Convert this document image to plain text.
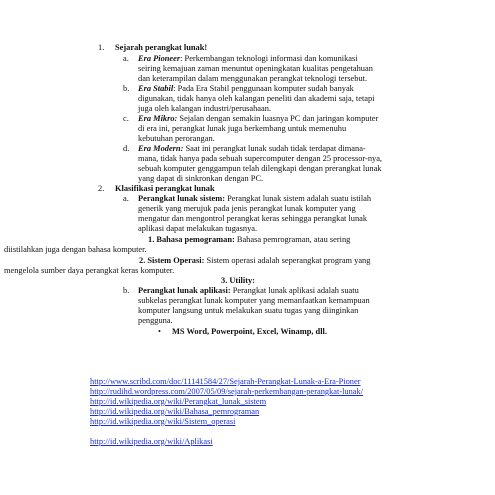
1. Sejarah perangkat lunak!
a. Era Pioneer: Perkembangan teknologi informasi dan komunikasi
seiring kemajuan zaman menuntut openingkatan kualitas pengetahuan
dan keterampilan dalam menggunakan perangkat teknologi tersebut.
b. Era Stabil: Pada Era Stabil penggunaan komputer sudah banyak
digunakan, tidak hanya oleh kalangan peneliti dan akademi saja, tetapi
juga oleh kalangan industri/perusahaan.
c. Era Mikro: Sejalan dengan semakin luasnya PC dan jaringan komputer
di era ini, perangkat lunak juga berkembang untuk memenuhu
kebutuhan perorangan.
d. Era Modern: Saat ini perangkat lunak sudah tidak terdapat dimana-
mana, tidak hanya pada sebuah supercomputer dengan 25 processor-nya,
sebuah komputer genggampun telah dilengkapi dengan prerangkat lunak
yang dapat di sinkronkan dengan PC.
2. Klasifikasi perangkat lunak
a. Perangkat lunak sistem: Perangkat lunak sistem adalah suatu istilah
generik yang merujuk pada jenis perangkat lunak komputer yang
mengatur dan mengontrol perangkat keras sehingga perangkat lunak
aplikasi dapat melakukan tugasnya.
1. Bahasa pemograman: Bahasa pemrograman, atau sering
diistilahkan juga dengan bahasa komputer.
2. Sistem Operasi: Sistem operasi adalah seperangkat program yang
mengelola sumber daya perangkat keras komputer.
3. Utility:
b. Perangkat lunak aplikasi: Perangkat lunak aplikasi adalah suatu
subkelas perangkat lunak komputer yang memanfaatkan kemampuan
komputer langsung untuk melakukan suatu tugas yang diinginkan
pengguna.
• MS Word, Powerpoint, Excel, Winamp, dll.
http://www.scribd.com/doc/11141584/27/Sejarah-Perangkat-Lunak-a-Era-Pioner
http://rudihd.wordpress.com/2007/05/09/sejarah-perkembangan-perangkat-lunak/
http://id.wikipedia.org/wiki/Perangkat_lunak_sistem
http://id.wikipedia.org/wiki/Bahasa_pemrograman
http://id.wikipedia.org/wiki/Sistem_operasi
http://id.wikipedia.org/wiki/Aplikasi
